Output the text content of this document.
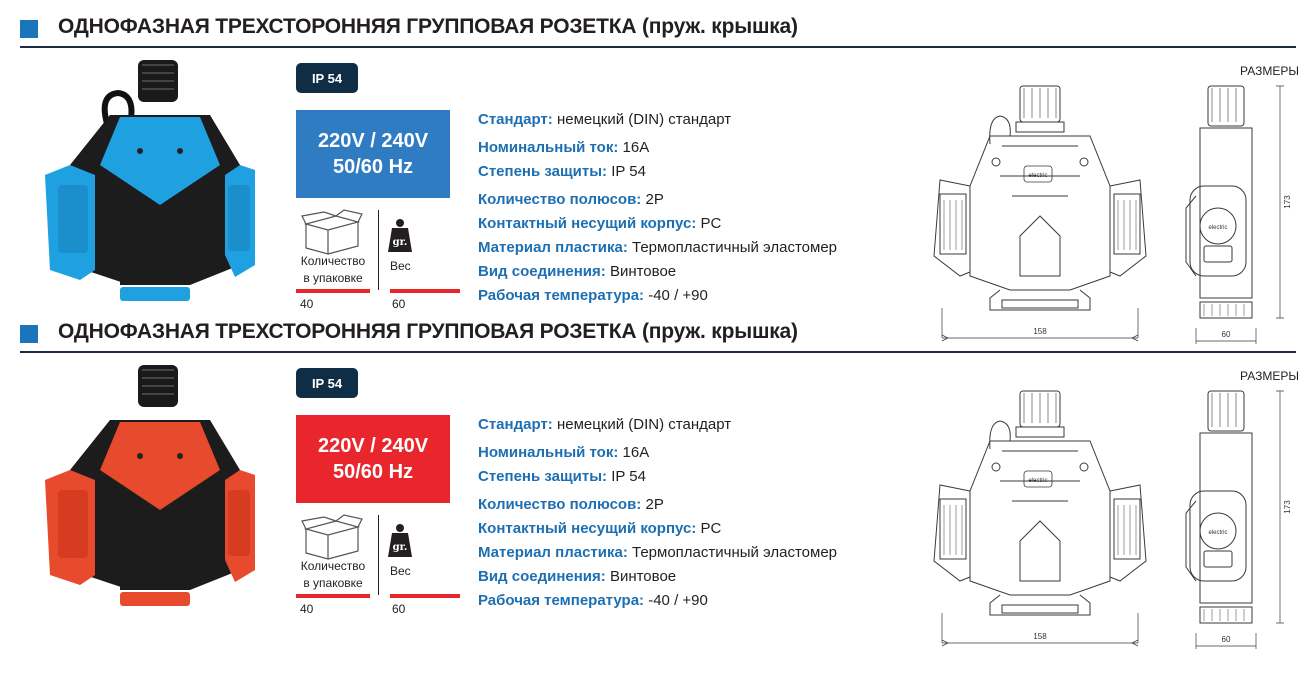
ОДНОФАЗНАЯ ТРЕХСТОРОННЯЯ ГРУППОВАЯ РОЗЕТКА (пруж. крышка)
IP 54
220V / 240V
50/60 Hz
Количество в упаковке
gr.
Вес
40	60
Стандарт: немецкий (DIN) стандарт
Номинальный ток: 16A
Степень защиты: IP 54
Количество полюсов: 2P
Контактный несущий корпус: PC
Материал пластика: Термопластичный эластомер
Вид соединения: Винтовое
Рабочая температура: -40 / +90
РАЗМЕРЫ
158	60
173
electric
electric
ОДНОФАЗНАЯ ТРЕХСТОРОННЯЯ ГРУППОВАЯ РОЗЕТКА (пруж. крышка)
IP 54
220V / 240V
50/60 Hz
Количество в упаковке
gr.
Вес
40	60
Стандарт: немецкий (DIN) стандарт
Номинальный ток: 16A
Степень защиты: IP 54
Количество полюсов: 2P
Контактный несущий корпус: PC
Материал пластика: Термопластичный эластомер
Вид соединения: Винтовое
Рабочая температура: -40 / +90
РАЗМЕРЫ
158	60
173
electric
electric
